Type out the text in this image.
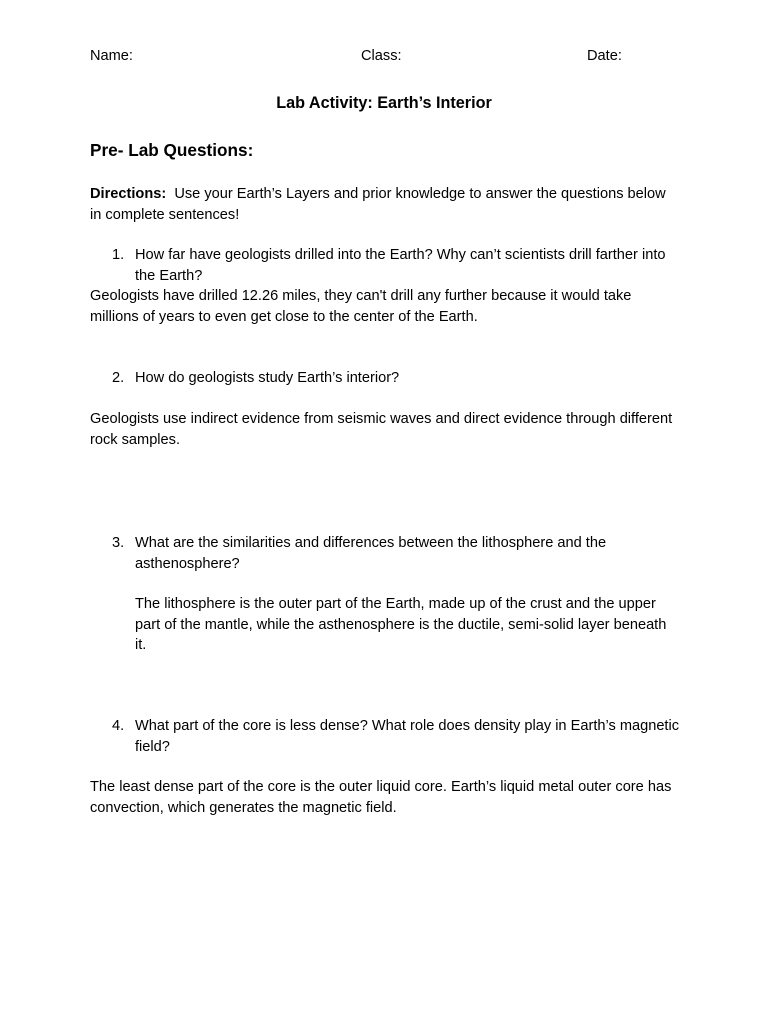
Name:	Class:	Date:
Lab Activity: Earth’s Interior
Pre- Lab Questions:
Directions: Use your Earth’s Layers and prior knowledge to answer the questions below in complete sentences!
1. How far have geologists drilled into the Earth? Why can’t scientists drill farther into the Earth?
Geologists have drilled 12.26 miles, they can't drill any further because it would take millions of years to even get close to the center of the Earth.
2. How do geologists study Earth’s interior?
Geologists use indirect evidence from seismic waves and direct evidence through different rock samples.
3. What are the similarities and differences between the lithosphere and the asthenosphere?
The lithosphere is the outer part of the Earth, made up of the crust and the upper part of the mantle, while the asthenosphere is the ductile, semi-solid layer beneath it.
4. What part of the core is less dense? What role does density play in Earth’s magnetic field?
The least dense part of the core is the outer liquid core. Earth’s liquid metal outer core has convection, which generates the magnetic field.
